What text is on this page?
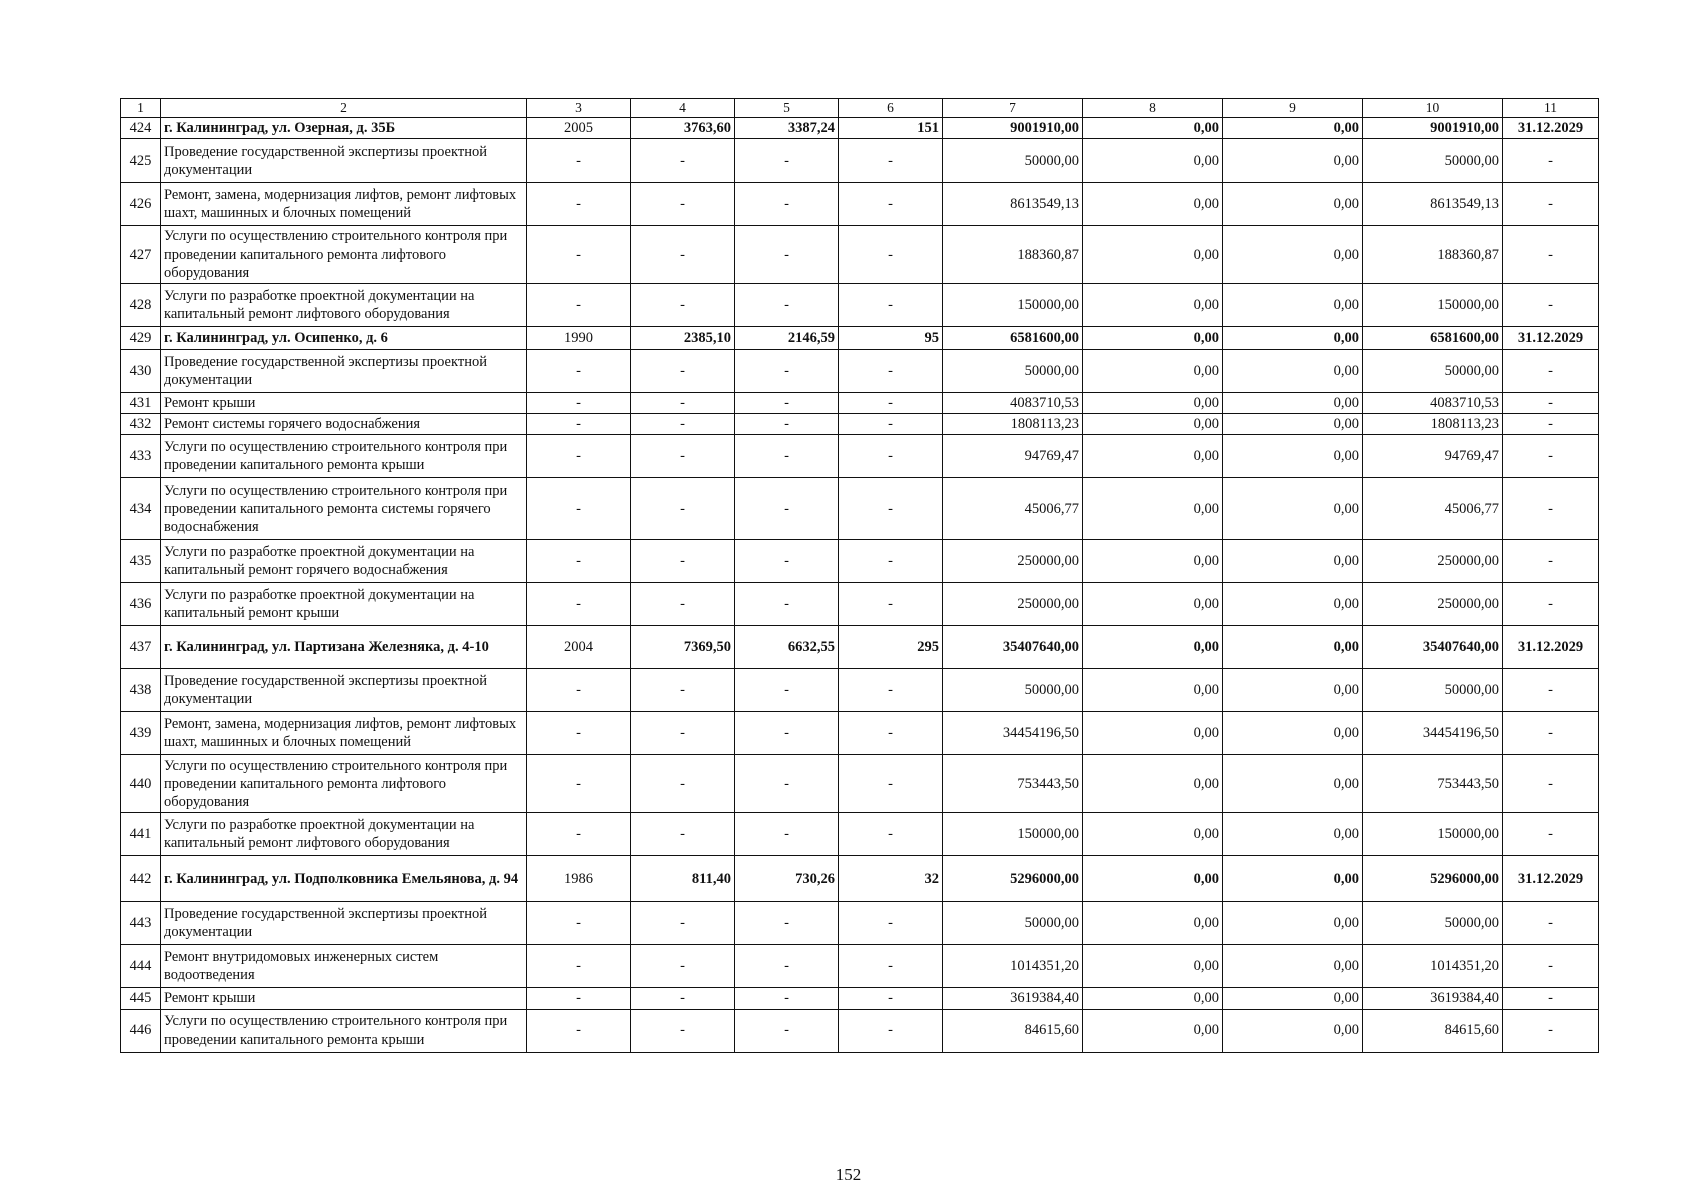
1	2	3	4	5	6	7	8	9	10	11
424	г. Калининград, ул. Озерная, д. 35Б	2005	3763,60	3387,24	151	9001910,00	0,00	0,00	9001910,00	31.12.2029
425	Проведение государственной экспертизы проектной документации	-	-	-	-	50000,00	0,00	0,00	50000,00	-
426	Ремонт, замена, модернизация лифтов, ремонт лифтовых шахт, машинных и блочных помещений	-	-	-	-	8613549,13	0,00	0,00	8613549,13	-
427	Услуги по осуществлению строительного контроля при проведении капитального ремонта лифтового оборудования	-	-	-	-	188360,87	0,00	0,00	188360,87	-
428	Услуги по разработке проектной документации на капитальный ремонт лифтового оборудования	-	-	-	-	150000,00	0,00	0,00	150000,00	-
429	г. Калининград, ул. Осипенко, д. 6	1990	2385,10	2146,59	95	6581600,00	0,00	0,00	6581600,00	31.12.2029
430	Проведение государственной экспертизы проектной документации	-	-	-	-	50000,00	0,00	0,00	50000,00	-
431	Ремонт крыши	-	-	-	-	4083710,53	0,00	0,00	4083710,53	-
432	Ремонт системы горячего водоснабжения	-	-	-	-	1808113,23	0,00	0,00	1808113,23	-
433	Услуги по осуществлению строительного контроля при проведении капитального ремонта крыши	-	-	-	-	94769,47	0,00	0,00	94769,47	-
434	Услуги по осуществлению строительного контроля при проведении капитального ремонта системы горячего водоснабжения	-	-	-	-	45006,77	0,00	0,00	45006,77	-
435	Услуги по разработке проектной документации на капитальный ремонт горячего водоснабжения	-	-	-	-	250000,00	0,00	0,00	250000,00	-
436	Услуги по разработке проектной документации на капитальный ремонт крыши	-	-	-	-	250000,00	0,00	0,00	250000,00	-
437	г. Калининград, ул. Партизана Железняка, д. 4-10	2004	7369,50	6632,55	295	35407640,00	0,00	0,00	35407640,00	31.12.2029
438	Проведение государственной экспертизы проектной документации	-	-	-	-	50000,00	0,00	0,00	50000,00	-
439	Ремонт, замена, модернизация лифтов, ремонт лифтовых шахт, машинных и блочных помещений	-	-	-	-	34454196,50	0,00	0,00	34454196,50	-
440	Услуги по осуществлению строительного контроля при проведении капитального ремонта лифтового оборудования	-	-	-	-	753443,50	0,00	0,00	753443,50	-
441	Услуги по разработке проектной документации на капитальный ремонт лифтового оборудования	-	-	-	-	150000,00	0,00	0,00	150000,00	-
442	г. Калининград, ул. Подполковника Емельянова, д. 94	1986	811,40	730,26	32	5296000,00	0,00	0,00	5296000,00	31.12.2029
443	Проведение государственной экспертизы проектной документации	-	-	-	-	50000,00	0,00	0,00	50000,00	-
444	Ремонт внутридомовых инженерных систем водоотведения	-	-	-	-	1014351,20	0,00	0,00	1014351,20	-
445	Ремонт крыши	-	-	-	-	3619384,40	0,00	0,00	3619384,40	-
446	Услуги по осуществлению строительного контроля при проведении капитального ремонта крыши	-	-	-	-	84615,60	0,00	0,00	84615,60	-
152
